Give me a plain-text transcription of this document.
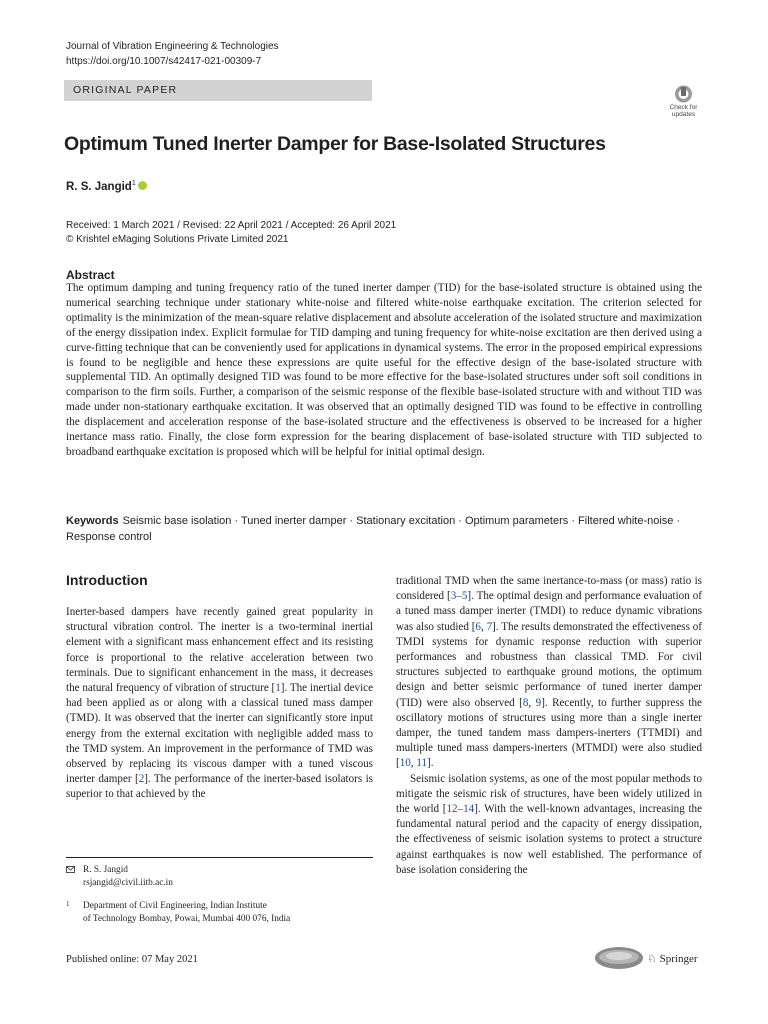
Journal of Vibration Engineering & Technologies
https://doi.org/10.1007/s42417-021-00309-7
ORIGINAL PAPER
Check for
updates
Optimum Tuned Inerter Damper for Base-Isolated Structures
R. S. Jangid$^1$
Received: 1 March 2021 / Revised: 22 April 2021 / Accepted: 26 April 2021
© Krishtel eMaging Solutions Private Limited 2021
Abstract
The optimum damping and tuning frequency ratio of the tuned inerter damper (TID) for the base-isolated structure is obtained using the numerical searching technique under stationary white-noise and filtered white-noise earthquake excitation. The criterion selected for optimality is the minimization of the mean-square relative displacement and absolute acceleration of the isolated structure and maximization of the energy dissipation index. Explicit formulae for TID damping and tuning frequency for white-noise excitation are then derived using a curve-fitting technique that can be conveniently used for applications in dynamical systems. The error in the proposed empirical expressions is found to be negligible and hence these expressions are quite useful for the effective design of the base-isolated structure with supplemental TID. An optimally designed TID was found to be more effective for the base-isolated structures under soft soil conditions in comparison to the firm soils. Further, a comparison of the seismic response of the flexible base-isolated structure with and without TID was made under non-stationary earthquake excitation. It was observed that an optimally designed TID was found to be effective in controlling the displacement and acceleration response of the base-isolated structure and the effectiveness is observed to be increased for a higher inertance mass ratio. Finally, the close form expression for the bearing displacement of base-isolated structure with TID subjected to broadband earthquake excitation is proposed which will be helpful for initial optimal design.
Keywords Seismic base isolation · Tuned inerter damper · Stationary excitation · Optimum parameters · Filtered white-noise · Response control
Introduction
Inerter-based dampers have recently gained great popularity in structural vibration control. The inerter is a two-terminal inertial element with a significant mass enhancement effect and its resisting force is proportional to the relative acceleration between two terminals. Due to significant enhancement in the mass, it decreases the natural frequency of vibration of structure [1]. The inertial device had been applied as or along with a classical tuned mass damper (TMD). It was observed that the inerter can significantly store input energy from the external excitation with negligible added mass to the TMD system. An improvement in the performance of TMD was observed by replacing its viscous damper with a tuned viscous inerter damper [2]. The performance of the inerter-based isolators is superior to that achieved by the
traditional TMD when the same inertance-to-mass (or mass) ratio is considered [3–5]. The optimal design and performance evaluation of a tuned mass damper inerter (TMDI) to reduce dynamic vibrations was also studied [6, 7]. The results demonstrated the effectiveness of TMDI systems for dynamic response reduction with superior performances and robustness than classical TMD. For civil structures subjected to earthquake ground motions, the optimum design and better seismic performance of tuned inerter damper (TID) were also observed [8, 9]. Recently, to further suppress the oscillatory motions of structures using more than a single inerter damper, the tuned tandem mass dampers-inerters (TTMDI) and multiple tuned mass dampers-inerters (MTMDI) were also studied [10, 11].
Seismic isolation systems, as one of the most popular methods to mitigate the seismic risk of structures, have been widely utilized in the world [12–14]. With the well-known advantages, increasing the fundamental natural period and the capacity of energy dissipation, the effectiveness of seismic isolation systems to protect a structure against earthquakes is now well established. The performance of base isolation considering the
R. S. Jangid
rsjangid@civil.iitb.ac.in
1 Department of Civil Engineering, Indian Institute
of Technology Bombay, Powai, Mumbai 400 076, India
Published online: 07 May 2021	♘ Springer
